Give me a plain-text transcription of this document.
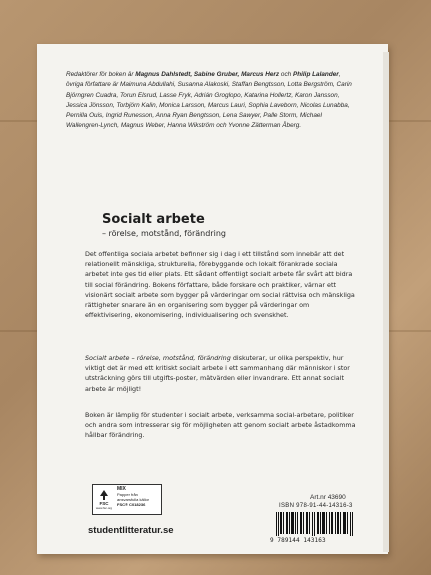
Redaktörer för boken är Magnus Dahlstedt, Sabine Gruber, Marcus Herz och Philip Lalander, övriga författare är Maimuna Abdullahi, Susanna Alakoski, Staffan Bengtsson, Lotta Bergström, Carin Björngren Cuadra, Torun Elsrud, Lasse Fryk, Adrián Groglopo, Katarina Hollertz, Karon Jansson, Jessica Jönsson, Torbjörn Kalin, Monica Larsson, Marcus Lauri, Sophia Laveborn, Nicolas Lunabba, Pernilla Ouis, Ingrid Runesson, Anna Ryan Bengtsson, Lena Sawyer, Palle Storm, Michael Wallengren-Lynch, Magnus Weber, Hanna Wikström och Yvonne Zätterman Åberg.
Socialt arbete
– rörelse, motstånd, förändring
Det offentliga sociala arbetet befinner sig i dag i ett tillstånd som innebär att det relationellt mänskliga, strukturella, förebyggande och lokalt förankrade sociala arbetet inte ges tid eller plats. Ett sådant offentligt socialt arbete får svårt att bidra till social förändring. Bokens författare, både forskare och praktiker, värnar ett visionärt socialt arbete som bygger på värderingar om social rättvisa och mänskliga rättigheter snarare än en organisering som bygger på värderingar om effektivisering, ekonomisering, individualisering och svenskhet.
Socialt arbete – rörelse, motstånd, förändring diskuterar, ur olika perspektiv, hur viktigt det är med ett kritiskt socialt arbete i ett sammanhang där människor i stor utsträckning görs till utgifts-poster, mätvärden eller invandrare. Ett annat socialt arbete är möjligt!
Boken är lämplig för studenter i socialt arbete, verksamma social-arbetare, politiker och andra som intresserar sig för möjligheten att genom socialt arbete åstadkomma hållbar förändring.
Art.nr 43690
FSC
www.fsc.org
MIX
Papper från
ansvarsfulla källor
FSC® C018236	ISBN 978-91-44-14316-3
9 789144 143163
studentlitteratur.se
